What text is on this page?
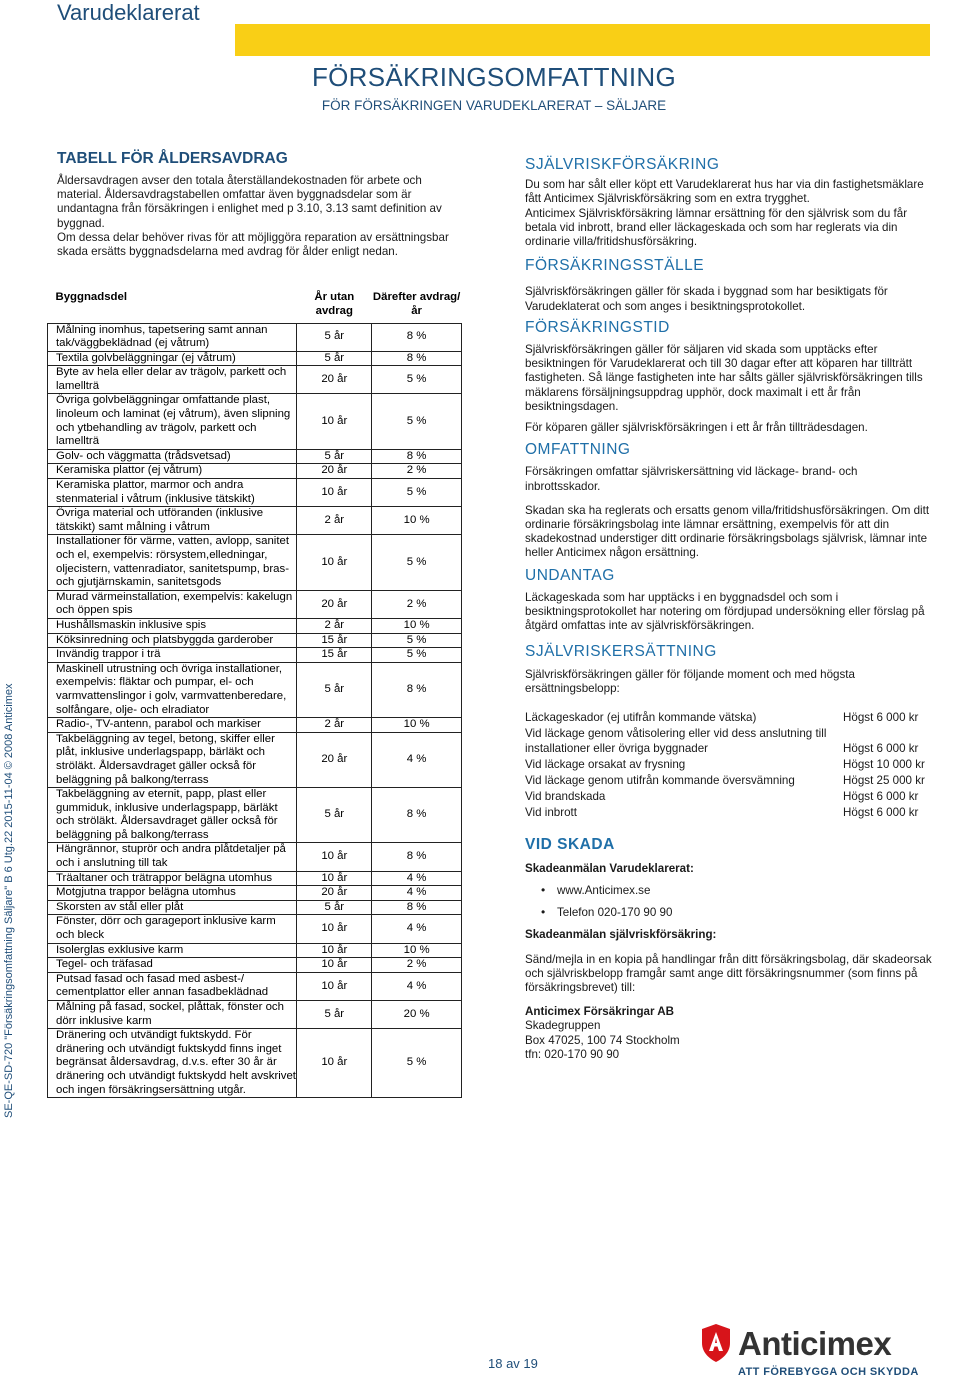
Varudeklarerat
FÖRSÄKRINGSOMFATTNING
FÖR FÖRSÄKRINGEN VARUDEKLARERAT – SÄLJARE
SE-QE-SD-720 "Försäkringsomfattning Säljare" B 6 Utg.22 2015-11-04 © 2008 Anticimex
TABELL FÖR ÅLDERSAVDRAG

Åldersavdragen avser den totala återställandekostnaden för arbete och material. Åldersavdragstabellen omfattar även byggnadsdelar som är undantagna från försäkringen i enlighet med p 3.10, 3.13 samt definition av byggnad.

Om dessa delar behöver rivas för att möjliggöra reparation av ersättningsbar skada ersätts byggnadsdelarna med avdrag för ålder enligt nedan.

Byggnadsdel	År utan avdrag	Därefter avdrag/år
Målning inomhus, tapetsering samt annan tak/väggbeklädnad (ej våtrum)	5 år	8 %
Textila golvbeläggningar (ej våtrum)	5 år	8 %
Byte av hela eller delar av trägolv, parkett och lamellträ	20 år	5 %
Övriga golvbeläggningar omfattande plast, linoleum och laminat (ej våtrum), även slipning och ytbehandling av trägolv, parkett och lamellträ	10 år	5 %
Golv- och väggmatta (trådsvetsad)	5 år	8 %
Keramiska plattor (ej våtrum)	20 år	2 %
Keramiska plattor, marmor och andra stenmaterial i våtrum (inklusive tätskikt)	10 år	5 %
Övriga material och utföranden (inklusive tätskikt) samt målning i våtrum	2 år	10 %
Installationer för värme, vatten, avlopp, sanitet och el, exempelvis: rörsystem,elledningar, oljecistern, vattenradiator, sanitetspump, bras- och gjutjärnskamin, sanitetsgods	10 år	5 %
Murad värmeinstallation, exempelvis: kakelugn och öppen spis	20 år	2 %
Hushållsmaskin inklusive spis	2 år	10 %
Köksinredning och platsbyggda garderober	15 år	5 %
Invändig trappor i trä	15 år	5 %
Maskinell utrustning och övriga installationer, exempelvis: fläktar och pumpar, el- och varmvattenslingor i golv, varmvattenberedare, solfångare, olje- och elradiator	5 år	8 %
Radio-, TV-antenn, parabol och markiser	2 år	10 %
Takbeläggning av tegel, betong, skiffer eller plåt, inklusive underlagspapp, bärläkt och ströläkt. Åldersavdraget gäller också för beläggning på balkong/terrass	20 år	4 %
Takbeläggning av eternit, papp, plast eller gummiduk, inklusive underlagspapp, bärläkt och ströläkt. Åldersavdraget gäller också för beläggning på balkong/terrass	5 år	8 %
Hängrännor, stuprör och andra plåtdetaljer på och i anslutning till tak	10 år	8 %
Träaltaner och trätrappor belägna utomhus	10 år	4 %
Motgjutna trappor belägna utomhus	20 år	4 %
Skorsten av stål eller plåt	5 år	8 %
Fönster, dörr och garageport inklusive karm och bleck	10 år	4 %
Isolerglas exklusive karm	10 år	10 %
Tegel- och träfasad	10 år	2 %
Putsad fasad och fasad med asbest-/ cementplattor eller annan fasadbeklädnad	10 år	4 %
Målning på fasad, sockel, plåttak, fönster och dörr inklusive karm	5 år	20 %
Dränering och utvändigt fuktskydd. För dränering och utvändigt fuktskydd finns inget begränsat åldersavdrag, d.v.s. efter 30 år är dränering och utvändigt fuktskydd helt avskrivet och ingen försäkringsersättning utgår.	10 år	5 %
SJÄLVRISKFÖRSÄKRING

Du som har sålt eller köpt ett Varudeklarerat hus har via din fastighetsmäklare fått Anticimex Självriskförsäkring som en extra trygghet.

Anticimex Självriskförsäkring lämnar ersättning för den självrisk som du får betala vid inbrott, brand eller läckageskada och som har reglerats via din ordinarie villa/fritidshusförsäkring.

FÖRSÄKRINGSSTÄLLE

Självriskförsäkringen gäller för skada i byggnad som har besiktigats för Varudeklaterat och som anges i besiktningsprotokollet.

FÖRSÄKRINGSTID

Självriskförsäkringen gäller för säljaren vid skada som upptäcks efter besiktningen för Varudeklarerat och till 30 dagar efter att köparen har tillträtt fastigheten. Så länge fastigheten inte har sålts gäller självriskförsäkringen tills mäklarens försäljningsuppdrag upphör, dock maximalt i ett år från besiktningsdagen.

För köparen gäller självriskförsäkringen i ett år från tillträdesdagen.

OMFATTNING

Försäkringen omfattar självriskersättning vid läckage- brand- och inbrottsskador.

Skadan ska ha reglerats och ersatts genom villa/fritidshusförsäkringen. Om ditt ordinarie försäkringsbolag inte lämnar ersättning, exempelvis för att din skadekostnad understiger ditt ordinarie försäkringsbolags självrisk, lämnar inte heller Anticimex någon ersättning.

UNDANTAG

Läckageskada som har upptäcks i en byggnadsdel och som i besiktningsprotokollet har notering om fördjupad undersökning eller förslag på åtgärd omfattas inte av självriskförsäkringen.

SJÄLVRISKERSÄTTNING

Självriskförsäkringen gäller för följande moment och med högsta ersättningsbelopp:

Läckageskador (ej utifrån kommande vätska)	Högst 6 000 kr
Vid läckage genom våtisolering eller vid dess anslutning till installationer eller övriga byggnader	Högst 6 000 kr
Vid läckage orsakat av frysning	Högst 10 000 kr
Vid läckage genom utifrån kommande översvämning	Högst 25 000 kr
Vid brandskada	Högst 6 000 kr
Vid inbrott	Högst 6 000 kr
VID SKADA

Skadeanmälan Varudeklarerat:

• www.Anticimex.se
• Telefon 020-170 90 90

Skadeanmälan självriskförsäkring:

Sänd/mejla in en kopia på handlingar från ditt försäkringsbolag, där skadeorsak och självriskbelopp framgår samt ange ditt försäkringsnummer (som finns på försäkringsbrevet) till:

Anticimex Försäkringar AB

Skadegruppen

Box 47025, 100 74 Stockholm

tfn: 020-170 90 90

18 av 19
Anticimex
ATT FÖREBYGGA OCH SKYDDA
